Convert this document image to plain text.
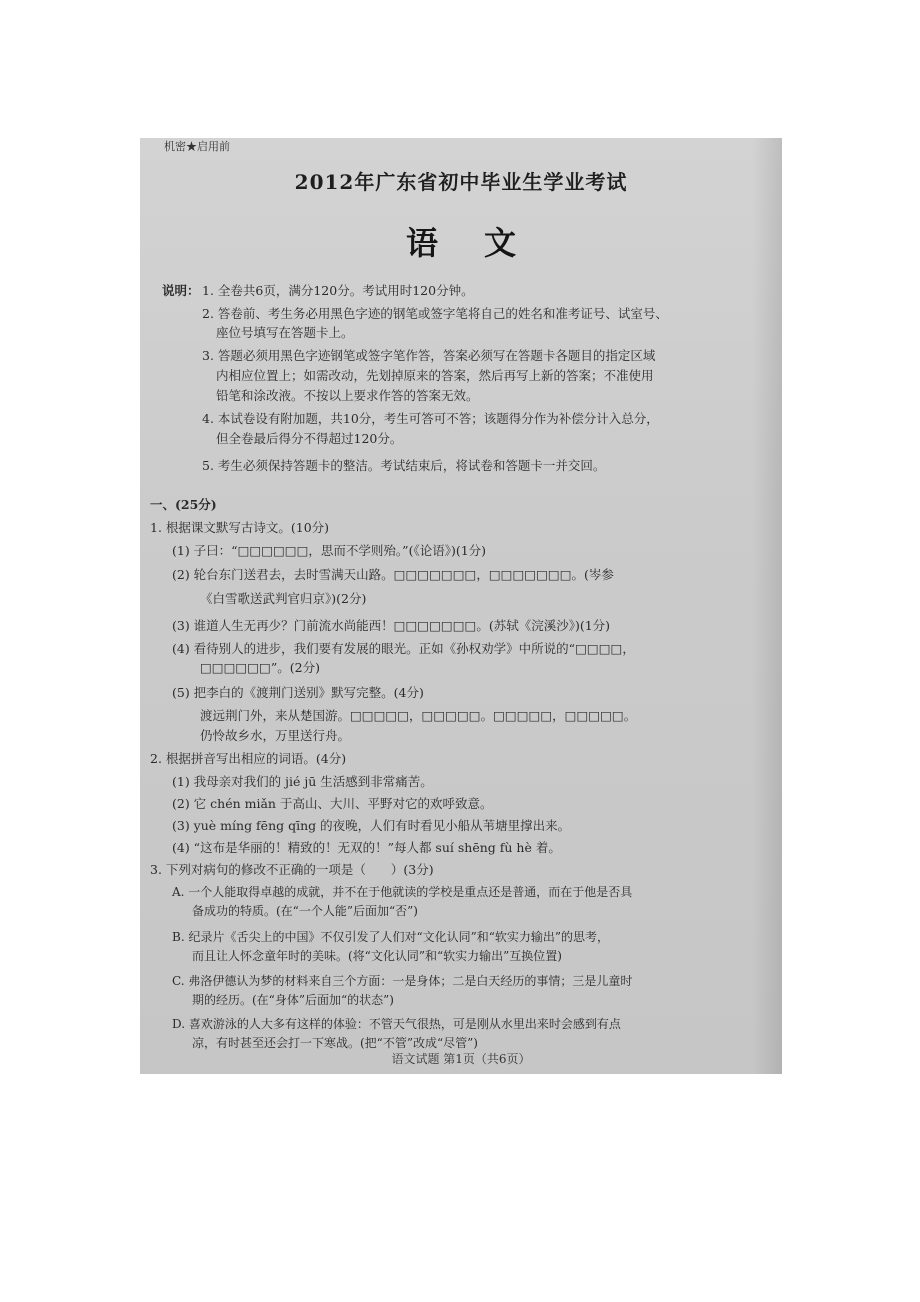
机密★启用前
2012年广东省初中毕业生学业考试
语文
说明： 1. 全卷共6页，满分120分。考试用时120分钟。
2. 答卷前、考生务必用黑色字迹的钢笔或签字笔将自己的姓名和准考证号、试室号、
座位号填写在答题卡上。
3. 答题必须用黑色字迹钢笔或签字笔作答，答案必须写在答题卡各题目的指定区域
内相应位置上；如需改动，先划掉原来的答案，然后再写上新的答案；不准使用
铅笔和涂改液。不按以上要求作答的答案无效。
4. 本试卷设有附加题，共10分，考生可答可不答；该题得分作为补偿分计入总分，
但全卷最后得分不得超过120分。
5. 考生必须保持答题卡的整洁。考试结束后，将试卷和答题卡一并交回。
一、(25分)
1. 根据课文默写古诗文。(10分)
(1) 子曰：“□□□□□□，思而不学则殆。”(《论语》)(1分)
(2) 轮台东门送君去，去时雪满天山路。□□□□□□□，□□□□□□□。(岑参
《白雪歌送武判官归京》)(2分)
(3) 谁道人生无再少？门前流水尚能西！□□□□□□□。(苏轼《浣溪沙》)(1分)
(4) 看待别人的进步，我们要有发展的眼光。正如《孙权劝学》中所说的“□□□□，
□□□□□□”。(2分)
(5) 把李白的《渡荆门送别》默写完整。(4分)
渡远荆门外，来从楚国游。□□□□□，□□□□□。□□□□□，□□□□□。
仍怜故乡水，万里送行舟。
2. 根据拼音写出相应的词语。(4分)
(1) 我母亲对我们的 jié jū 生活感到非常痛苦。
(2) 它 chén miǎn 于高山、大川、平野对它的欢呼致意。
(3) yuè míng fēng qīng 的夜晚，人们有时看见小船从苇塘里撑出来。
(4) “这布是华丽的！精致的！无双的！”每人都 suí shēng fù hè 着。
3. 下列对病句的修改不正确的一项是（　　）(3分)
A. 一个人能取得卓越的成就，并不在于他就读的学校是重点还是普通，而在于他是否具
备成功的特质。(在“一个人能”后面加“否”)
B. 纪录片《舌尖上的中国》不仅引发了人们对“文化认同”和“软实力输出”的思考，
而且让人怀念童年时的美味。(将“文化认同”和“软实力输出”互换位置)
C. 弗洛伊德认为梦的材料来自三个方面：一是身体；二是白天经历的事情；三是儿童时
期的经历。(在“身体”后面加“的状态”)
D. 喜欢游泳的人大多有这样的体验：不管天气很热，可是刚从水里出来时会感到有点
凉，有时甚至还会打一下寒战。(把“不管”改成“尽管”)
语文试题 第1页（共6页）
